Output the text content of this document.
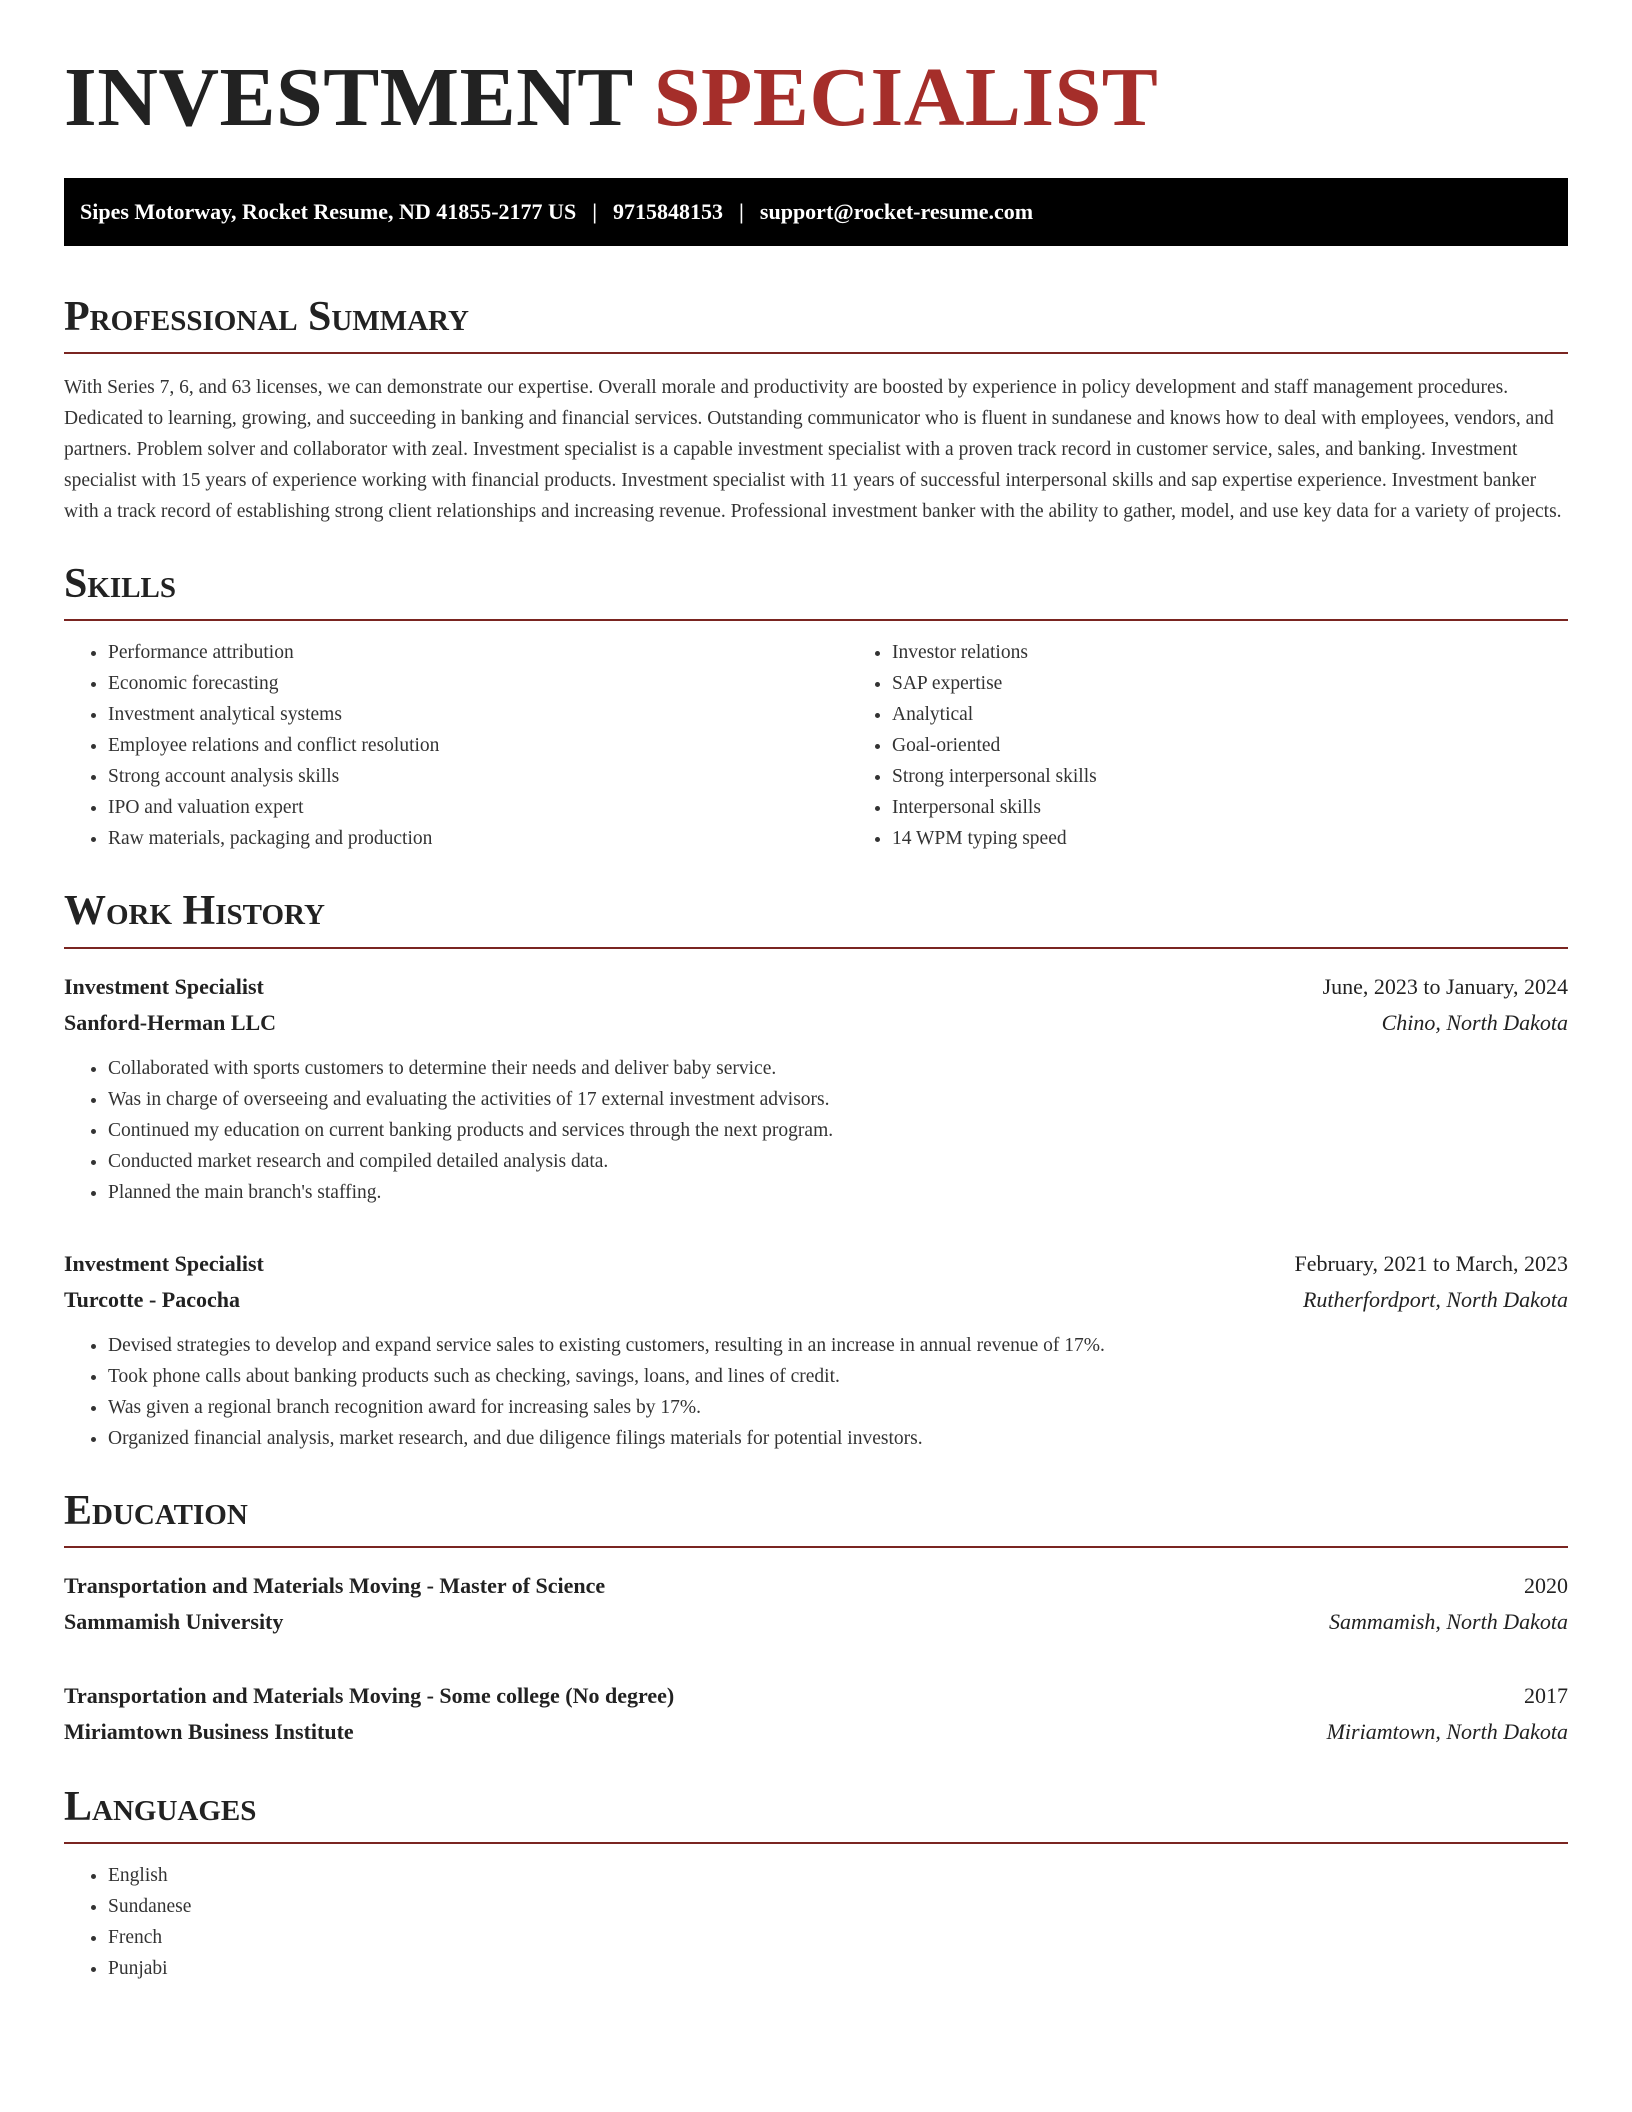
INVESTMENT SPECIALIST
Sipes Motorway, Rocket Resume, ND 41855-2177 US | 9715848153 | support@rocket-resume.com
Professional Summary

With Series 7, 6, and 63 licenses, we can demonstrate our expertise. Overall morale and productivity are boosted by experience in policy development and staff management procedures. Dedicated to learning, growing, and succeeding in banking and financial services. Outstanding communicator who is fluent in sundanese and knows how to deal with employees, vendors, and partners. Problem solver and collaborator with zeal. Investment specialist is a capable investment specialist with a proven track record in customer service, sales, and banking. Investment specialist with 15 years of experience working with financial products. Investment specialist with 11 years of successful interpersonal skills and sap expertise experience. Investment banker with a track record of establishing strong client relationships and increasing revenue. Professional investment banker with the ability to gather, model, and use key data for a variety of projects.

Skills
• Performance attribution
• Economic forecasting
• Investment analytical systems
• Employee relations and conflict resolution
• Strong account analysis skills
• IPO and valuation expert
• Raw materials, packaging and production
• Investor relations
• SAP expertise
• Analytical
• Goal-oriented
• Strong interpersonal skills
• Interpersonal skills
• 14 WPM typing speed
Work History
Investment Specialist	June, 2023 to January, 2024
Sanford-Herman LLC	Chino, North Dakota
• Collaborated with sports customers to determine their needs and deliver baby service.
• Was in charge of overseeing and evaluating the activities of 17 external investment advisors.
• Continued my education on current banking products and services through the next program.
• Conducted market research and compiled detailed analysis data.
• Planned the main branch's staffing.
Investment Specialist	February, 2021 to March, 2023
Turcotte - Pacocha	Rutherfordport, North Dakota
• Devised strategies to develop and expand service sales to existing customers, resulting in an increase in annual revenue of 17%.
• Took phone calls about banking products such as checking, savings, loans, and lines of credit.
• Was given a regional branch recognition award for increasing sales by 17%.
• Organized financial analysis, market research, and due diligence filings materials for potential investors.
Education
Transportation and Materials Moving - Master of Science	2020
Sammamish University	Sammamish, North Dakota
Transportation and Materials Moving - Some college (No degree)	2017
Miriamtown Business Institute	Miriamtown, North Dakota
Languages
• English
• Sundanese
• French
• Punjabi
